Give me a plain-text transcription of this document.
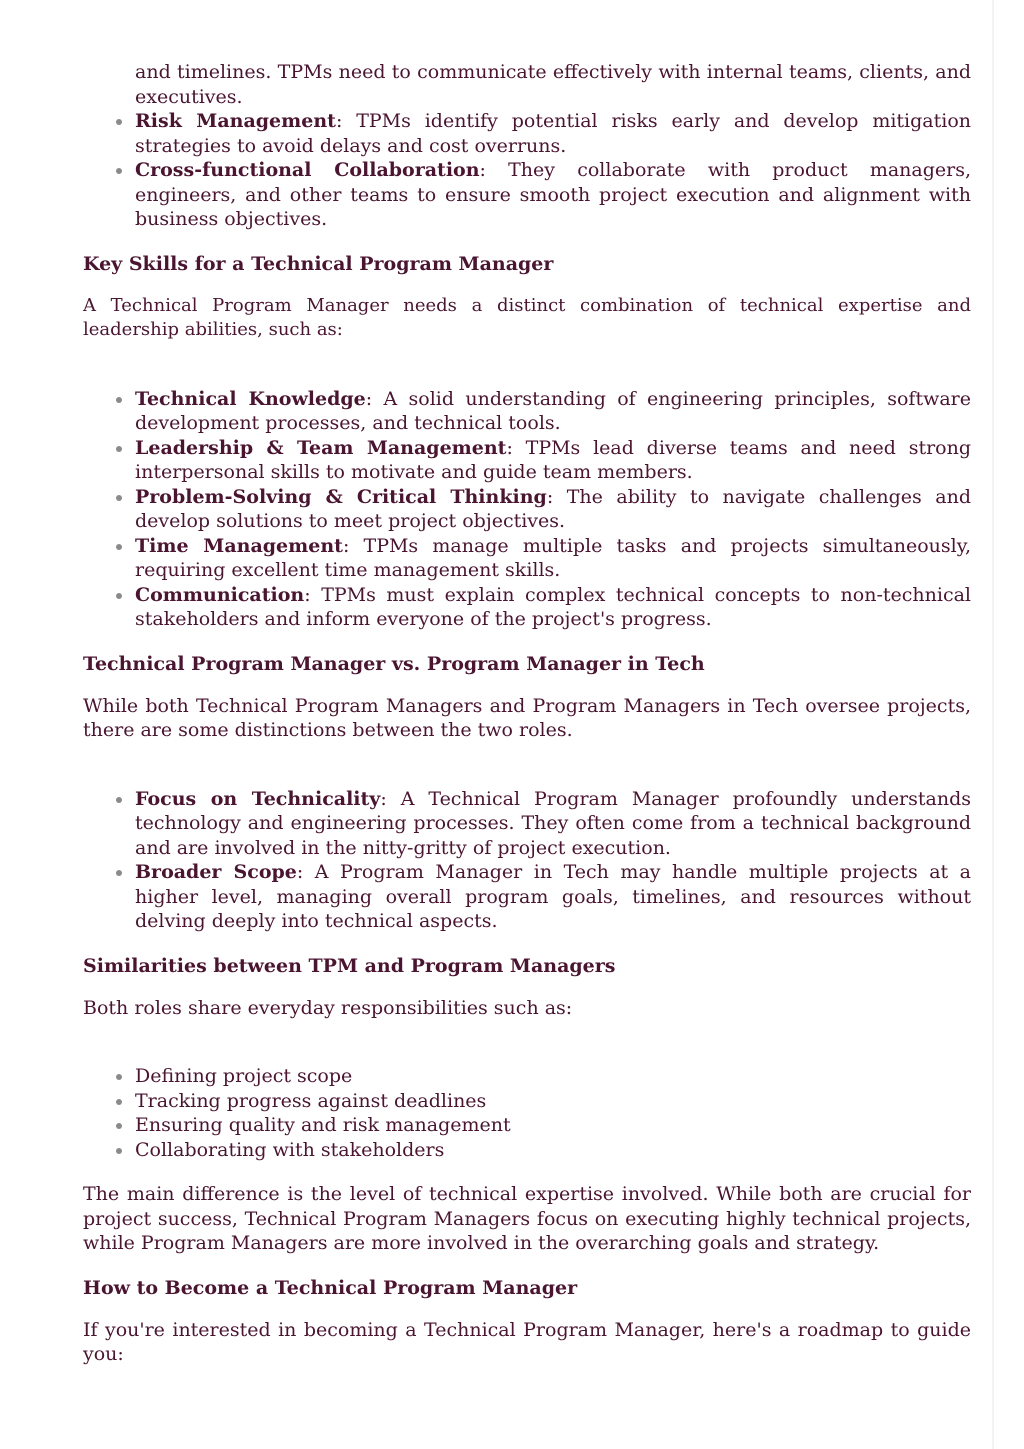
and timelines. TPMs need to communicate effectively with internal teams, clients, and executives.
Risk Management: TPMs identify potential risks early and develop mitigation strategies to avoid delays and cost overruns.
Cross-functional Collaboration: They collaborate with product managers, engineers, and other teams to ensure smooth project execution and alignment with business objectives.
Key Skills for a Technical Program Manager

A Technical Program Manager needs a distinct combination of technical expertise and leadership abilities, such as:

Technical Knowledge: A solid understanding of engineering principles, software development processes, and technical tools.
Leadership & Team Management: TPMs lead diverse teams and need strong interpersonal skills to motivate and guide team members.
Problem-Solving & Critical Thinking: The ability to navigate challenges and develop solutions to meet project objectives.
Time Management: TPMs manage multiple tasks and projects simultaneously, requiring excellent time management skills.
Communication: TPMs must explain complex technical concepts to non-technical stakeholders and inform everyone of the project's progress.
Technical Program Manager vs. Program Manager in Tech

While both Technical Program Managers and Program Managers in Tech oversee projects, there are some distinctions between the two roles.

Focus on Technicality: A Technical Program Manager profoundly understands technology and engineering processes. They often come from a technical background and are involved in the nitty-gritty of project execution.
Broader Scope: A Program Manager in Tech may handle multiple projects at a higher level, managing overall program goals, timelines, and resources without delving deeply into technical aspects.
Similarities between TPM and Program Managers

Both roles share everyday responsibilities such as:

Defining project scope
Tracking progress against deadlines
Ensuring quality and risk management
Collaborating with stakeholders

The main difference is the level of technical expertise involved. While both are crucial for project success, Technical Program Managers focus on executing highly technical projects, while Program Managers are more involved in the overarching goals and strategy.

How to Become a Technical Program Manager

If you're interested in becoming a Technical Program Manager, here's a roadmap to guide you:
